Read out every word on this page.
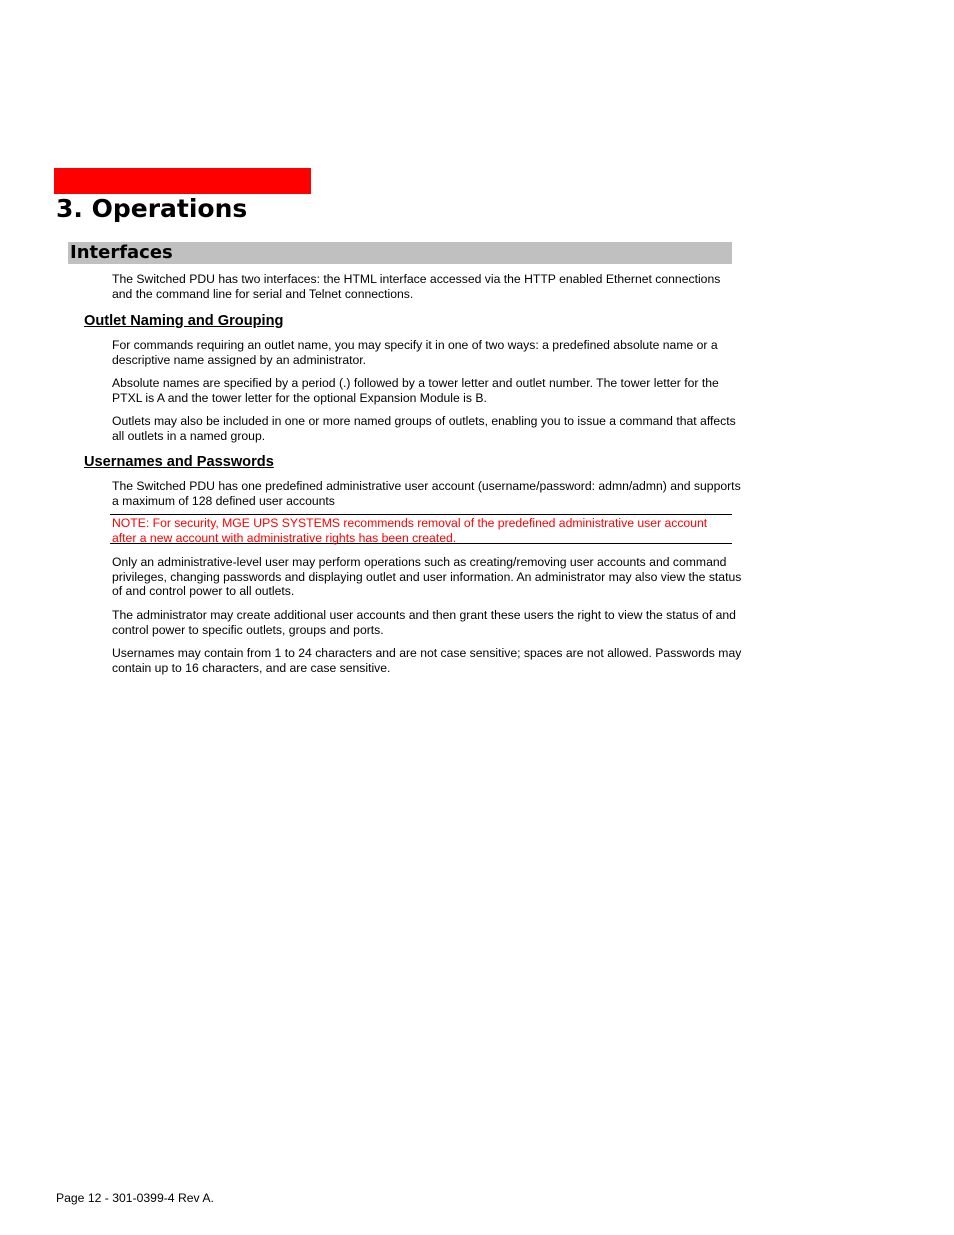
3. Operations
Interfaces

The Switched PDU has two interfaces: the HTML interface accessed via the HTTP enabled Ethernet connections and the command line for serial and Telnet connections.

Outlet Naming and Grouping

For commands requiring an outlet name, you may specify it in one of two ways: a predefined absolute name or a descriptive name assigned by an administrator.

Absolute names are specified by a period (.) followed by a tower letter and outlet number. The tower letter for the PTXL is A and the tower letter for the optional Expansion Module is B.

Outlets may also be included in one or more named groups of outlets, enabling you to issue a command that affects all outlets in a named group.

Usernames and Passwords

The Switched PDU has one predefined administrative user account (username/password: admn/admn) and supports a maximum of 128 defined user accounts

NOTE: For security, MGE UPS SYSTEMS recommends removal of the predefined administrative user account after a new account with administrative rights has been created.

Only an administrative-level user may perform operations such as creating/removing user accounts and command privileges, changing passwords and displaying outlet and user information. An administrator may also view the status of and control power to all outlets.

The administrator may create additional user accounts and then grant these users the right to view the status of and control power to specific outlets, groups and ports.

Usernames may contain from 1 to 24 characters and are not case sensitive; spaces are not allowed. Passwords may contain up to 16 characters, and are case sensitive.

Page 12 - 301-0399-4 Rev A.
